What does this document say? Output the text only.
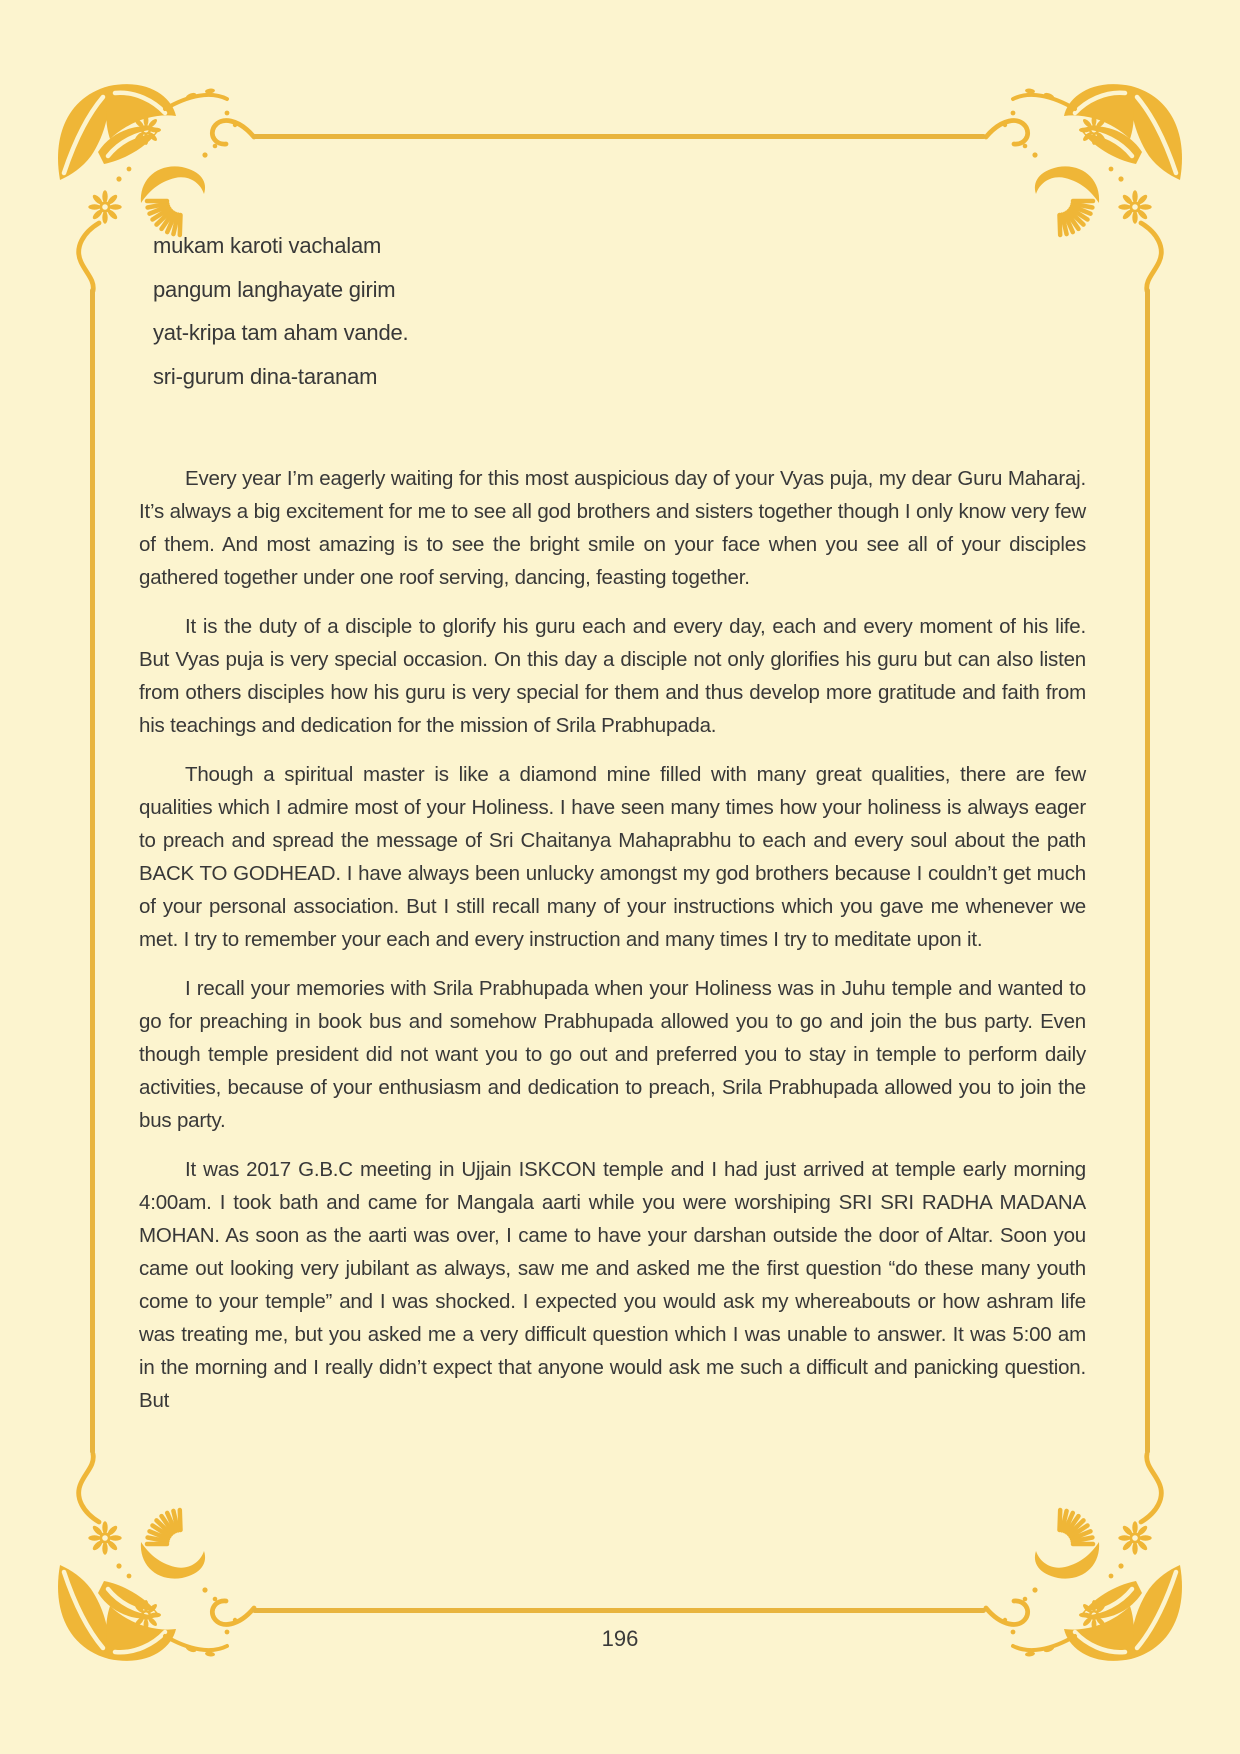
mukam karoti vachalam

pangum langhayate girim

yat-kripa tam aham vande.

sri-gurum dina-taranam

Every year I’m eagerly waiting for this most auspicious day of your Vyas puja, my dear Guru Maharaj. It’s always a big excitement for me to see all god brothers and sisters together though I only know very few of them. And most amazing is to see the bright smile on your face when you see all of your disciples gathered together under one roof serving, dancing, feasting together.

It is the duty of a disciple to glorify his guru each and every day, each and every moment of his life. But Vyas puja is very special occasion. On this day a disciple not only glorifies his guru but can also listen from others disciples how his guru is very special for them and thus develop more gratitude and faith from his teachings and dedication for the mission of Srila Prabhupada.

Though a spiritual master is like a diamond mine filled with many great qualities, there are few qualities which I admire most of your Holiness. I have seen many times how your holiness is always eager to preach and spread the message of Sri Chaitanya Mahaprabhu to each and every soul about the path BACK TO GODHEAD. I have always been unlucky amongst my god brothers because I couldn’t get much of your personal association. But I still recall many of your instructions which you gave me whenever we met. I try to remember your each and every instruction and many times I try to meditate upon it.

I recall your memories with Srila Prabhupada when your Holiness was in Juhu temple and wanted to go for preaching in book bus and somehow Prabhupada allowed you to go and join the bus party. Even though temple president did not want you to go out and preferred you to stay in temple to perform daily activities, because of your enthusiasm and dedication to preach, Srila Prabhupada allowed you to join the bus party.

It was 2017 G.B.C meeting in Ujjain ISKCON temple and I had just arrived at temple early morning 4:00am. I took bath and came for Mangala aarti while you were worshiping SRI SRI RADHA MADANA MOHAN. As soon as the aarti was over, I came to have your darshan outside the door of Altar. Soon you came out looking very jubilant as always, saw me and asked me the first question “do these many youth come to your temple” and I was shocked. I expected you would ask my whereabouts or how ashram life was treating me, but you asked me a very difficult question which I was unable to answer. It was 5:00 am in the morning and I really didn’t expect that anyone would ask me such a difficult and panicking question. But

196
